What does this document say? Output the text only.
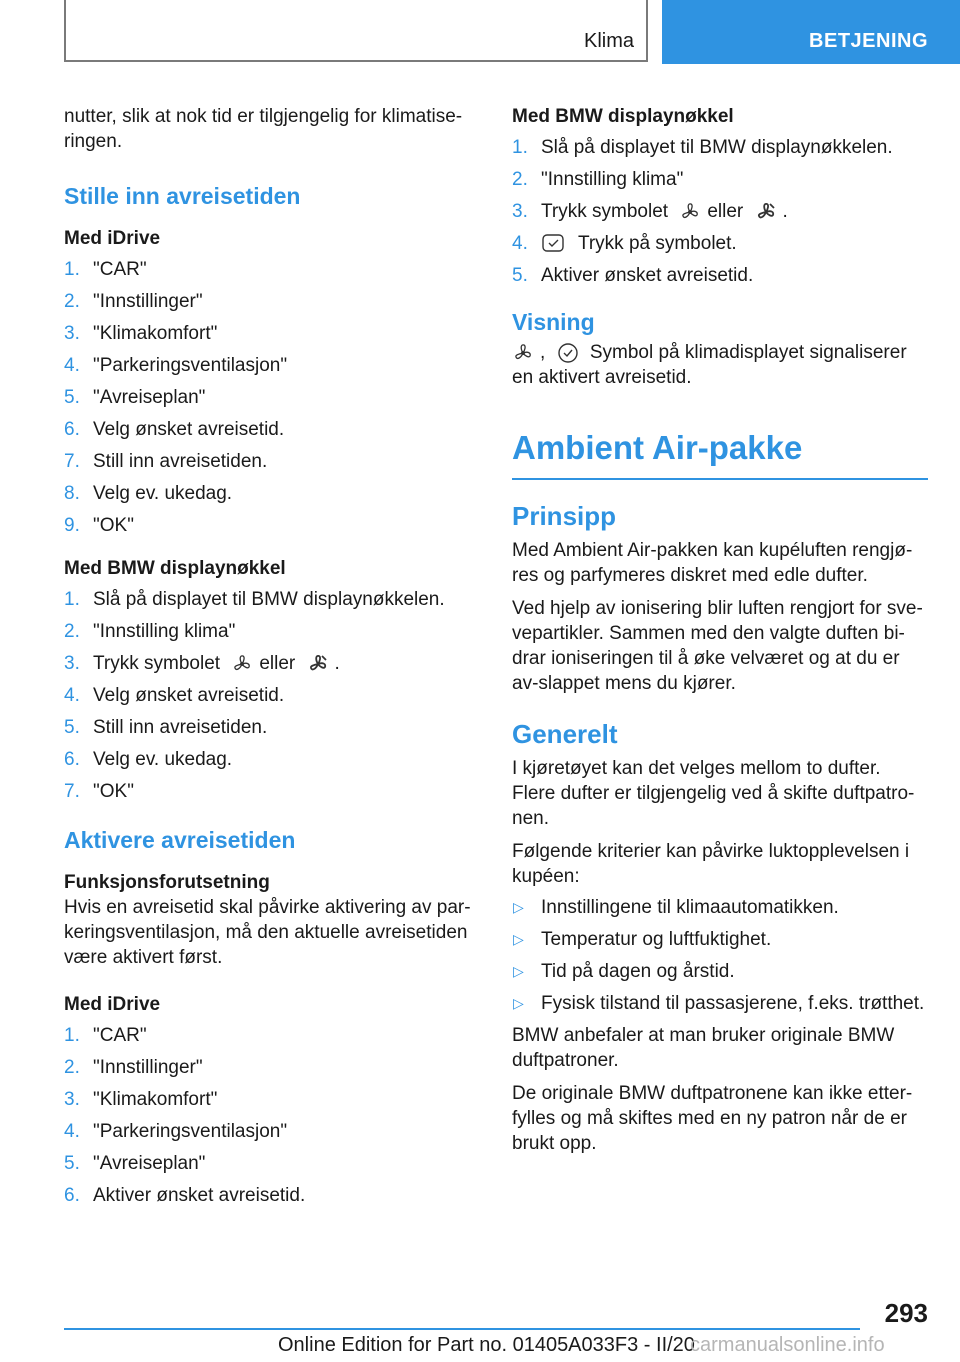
Klima	BETJENING

nutter, slik at nok tid er tilgjengelig for klimatise-ringen.

Stille inn avreisetiden
Med iDrive
1. "CAR"
2. "Innstillinger"
3. "Klimakomfort"
4. "Parkeringsventilasjon"
5. "Avreiseplan"
6. Velg ønsket avreisetid.
7. Still inn avreisetiden.
8. Velg ev. ukedag.
9. "OK"
Med BMW displaynøkkel
1. Slå på displayet til BMW displaynøkkelen.
2. "Innstilling klima"
3. Trykk symbolet eller .
4. Velg ønsket avreisetid.
5. Still inn avreisetiden.
6. Velg ev. ukedag.
7. "OK"
Aktivere avreisetiden
Funksjonsforutsetning

Hvis en avreisetid skal påvirke aktivering av par-keringsventilasjon, må den aktuelle avreisetiden være aktivert først.

Med iDrive
1. "CAR"
2. "Innstillinger"
3. "Klimakomfort"
4. "Parkeringsventilasjon"
5. "Avreiseplan"
6. Aktiver ønsket avreisetid.
Med BMW displaynøkkel
1. Slå på displayet til BMW displaynøkkelen.
2. "Innstilling klima"
3. Trykk symbolet eller .
4.	Trykk på symbolet.
5. Aktiver ønsket avreisetid.
Visning

, Symbol på klimadisplayet signaliserer en aktivert avreisetid.

Ambient Air-pakke
Prinsipp

Med Ambient Air-pakken kan kupéluften rengjø-res og parfymeres diskret med edle dufter.

Ved hjelp av ionisering blir luften rengjort for sve-vepartikler. Sammen med den valgte duften bi-drar ioniseringen til å øke velværet og at du er av-slappet mens du kjører.

Generelt

I kjøretøyet kan det velges mellom to dufter. Flere dufter er tilgjengelig ved å skifte duftpatro-nen.

Følgende kriterier kan påvirke luktopplevelsen i kupéen:

▷ Innstillingene til klimaautomatikken.
▷ Temperatur og luftfuktighet.
▷ Tid på dagen og årstid.
▷ Fysisk tilstand til passasjerene, f.eks. trøtthet.

BMW anbefaler at man bruker originale BMW duftpatroner.

De originale BMW duftpatronene kan ikke etter-fylles og må skiftes med en ny patron når de er brukt opp.

293
Online Edition for Part no. 01405A033F3 - II/20
carmanualsonline.info
